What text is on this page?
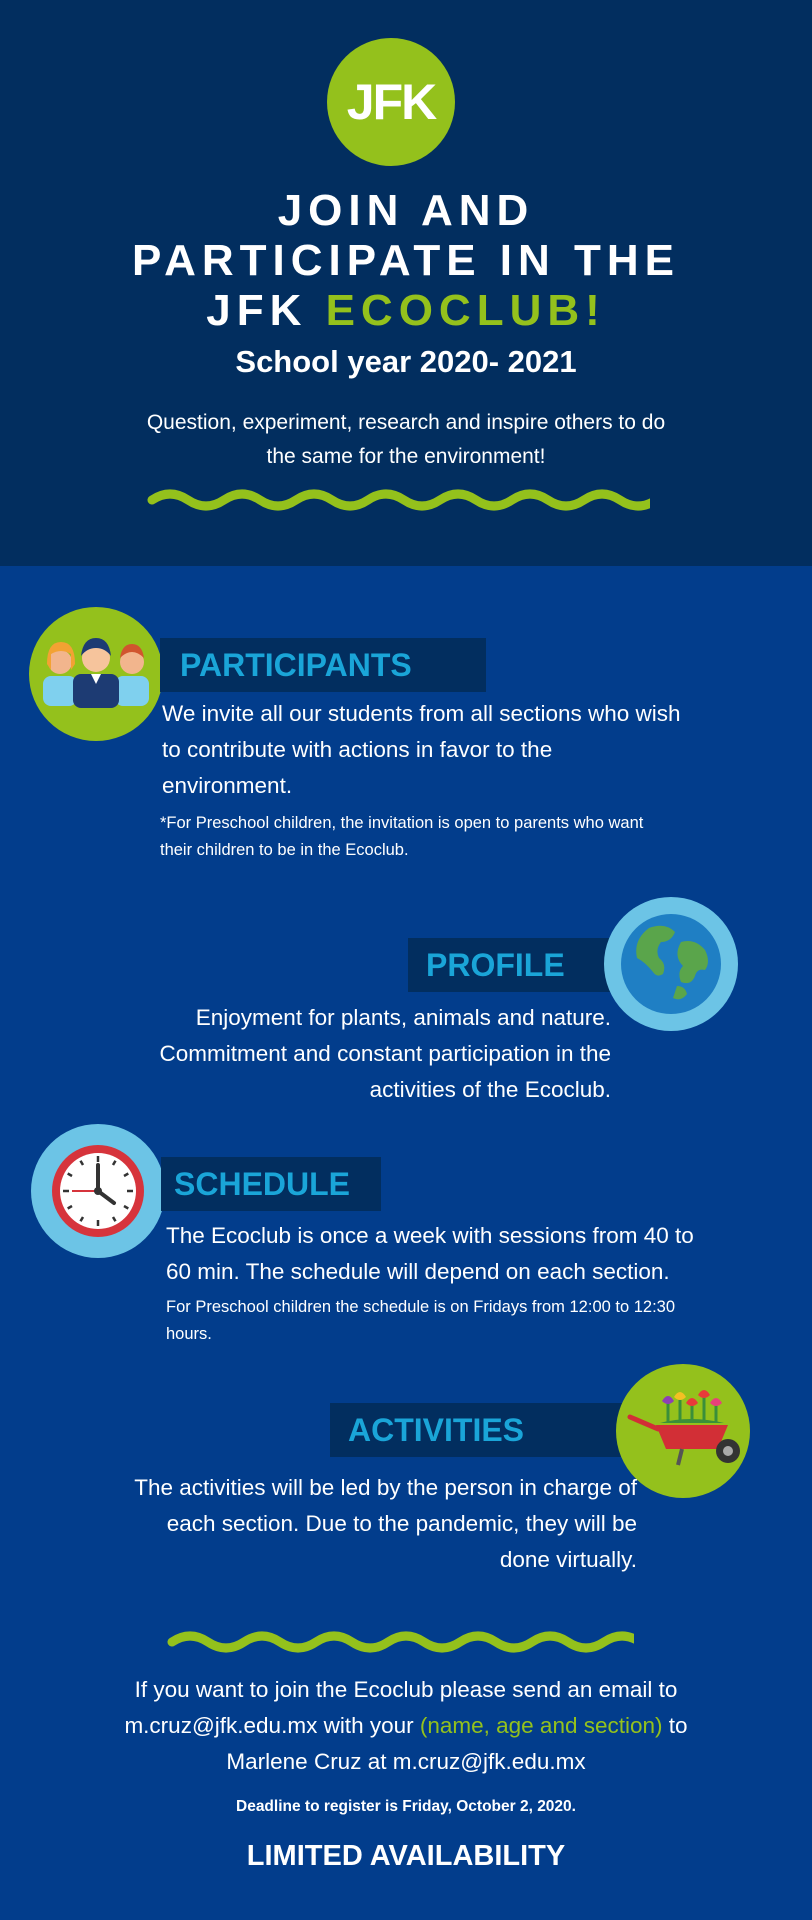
JFK
JOIN AND
PARTICIPATE IN THE
JFK ECOCLUB!
School year 2020- 2021
Question, experiment, research and inspire others to do
the same for the environment!
PARTICIPANTS
We invite all our students from all sections who wish
to contribute with actions in favor to the
environment.
*For Preschool children, the invitation is open to parents who want
their children to be in the Ecoclub.
PROFILE
Enjoyment for plants, animals and nature.
Commitment and constant participation in the
activities of the Ecoclub.
SCHEDULE
The Ecoclub is once a week with sessions from 40 to
60 min. The schedule will depend on each section.
For Preschool children the schedule is on Fridays from 12:00 to 12:30
hours.
ACTIVITIES
The activities will be led by the person in charge of
each section. Due to the pandemic, they will be
done virtually.
If you want to join the Ecoclub please send an email to
m.cruz@jfk.edu.mx with your (name, age and section) to
Marlene Cruz at m.cruz@jfk.edu.mx
Deadline to register is Friday, October 2, 2020.
LIMITED AVAILABILITY
